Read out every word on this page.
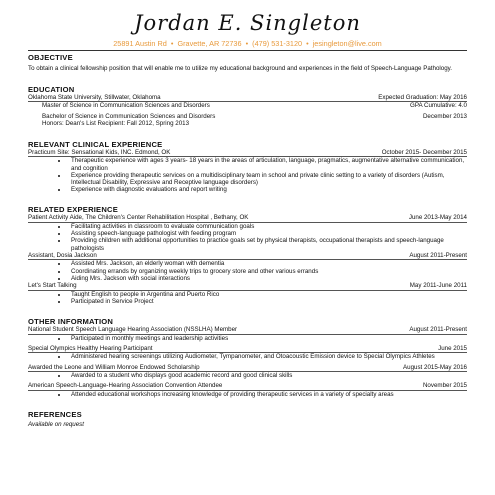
Jordan E. Singleton
25891 Austin Rd • Gravette, AR 72736 • (479) 531-3120 • jesingleton@live.com
OBJECTIVE
To obtain a clinical fellowship position that will enable me to utilize my educational background and experiences in the field of Speech-Language Pathology.
EDUCATION
Oklahoma State University, Stillwater, Oklahoma	Expected Graduation: May 2016
Master of Science in Communication Sciences and Disorders	GPA Cumulative: 4.0
Bachelor of Science in Communication Sciences and Disorders	December 2013
Honors: Dean's List Recipient: Fall 2012, Spring 2013
RELEVANT CLINICAL EXPERIENCE
Practicum Site: Sensational Kids, INC. Edmond, OK	October 2015- December 2015
• Therapeutic experience with ages 3 years- 18 years in the areas of articulation, language, pragmatics, augmentative alternative communication, and cognition
• Experience providing therapeutic services on a multidisciplinary team in school and private clinic setting to a variety of disorders (Autism, Intellectual Disability, Expressive and Receptive language disorders)
• Experience with diagnostic evaluations and report writing
RELATED EXPERIENCE
Patient Activity Aide, The Children's Center Rehabilitation Hospital , Bethany, OK	June 2013-May 2014
• Facilitating activities in classroom to evaluate communication goals
• Assisting speech-language pathologist with feeding program
• Providing children with additional opportunities to practice goals set by physical therapists, occupational therapists and speech-language pathologists
Assistant, Dosia Jackson	August 2011-Present
• Assisted Mrs. Jackson, an elderly woman with dementia
• Coordinating errands by organizing weekly trips to grocery store and other various errands
• Aiding Mrs. Jackson with social interactions
Let's Start Talking	May 2011-June 2011
• Taught English to people in Argentina and Puerto Rico
• Participated in Service Project
OTHER INFORMATION
National Student Speech Language Hearing Association (NSSLHA) Member	August 2011-Present
• Participated in monthly meetings and leadership activities
Special Olympics Healthy Hearing Participant	June 2015
• Administered hearing screenings utilizing Audiometer, Tympanometer, and Otoacoustic Emission device to Special Olympics Athletes
Awarded the Leone and William Monroe Endowed Scholarship	August 2015-May 2016
• Awarded to a student who displays good academic record and good clinical skills
American Speech-Language-Hearing Association Convention Attendee	November 2015
• Attended educational workshops increasing knowledge of providing therapeutic services in a variety of specialty areas
REFERENCES
Available on request
